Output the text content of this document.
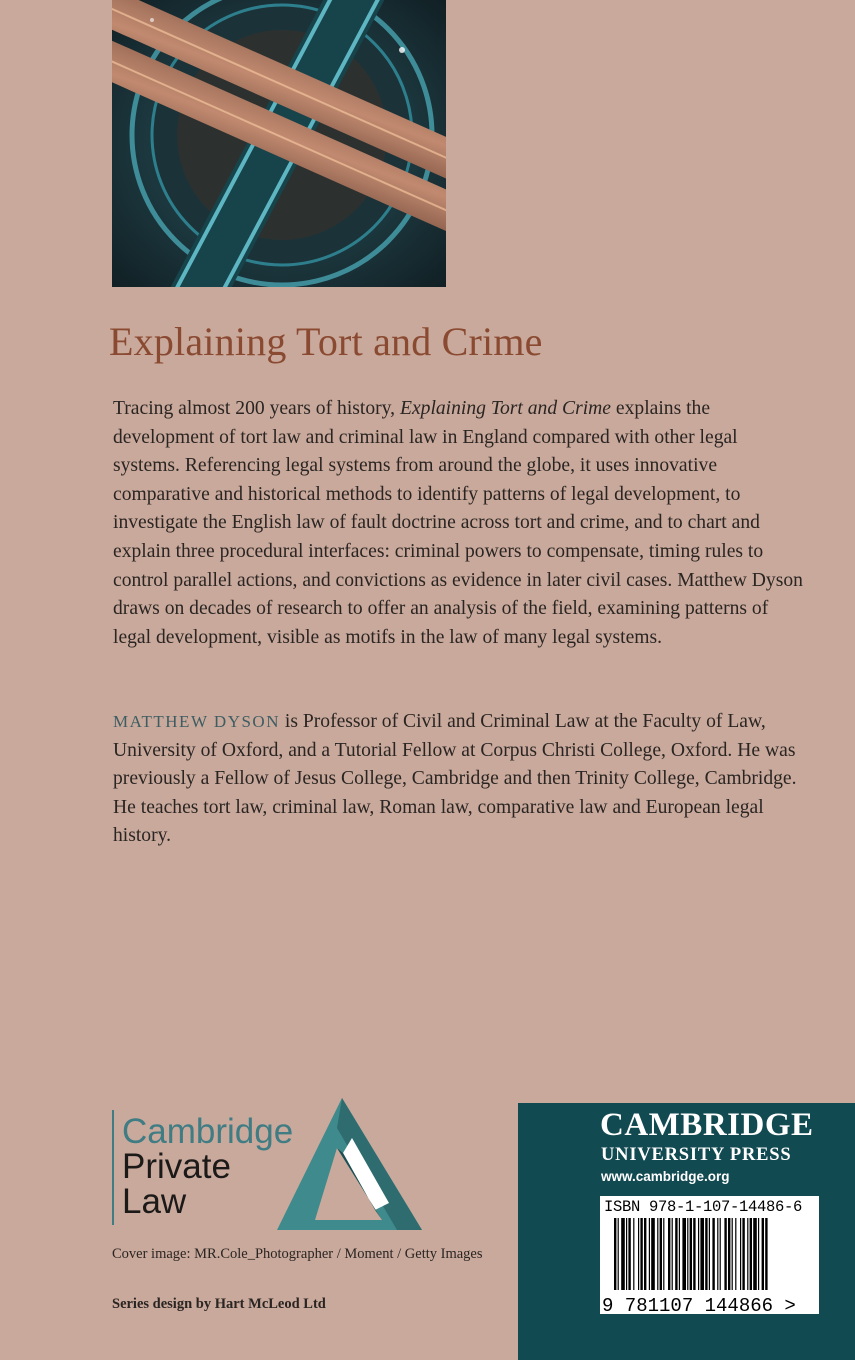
Explaining Tort and Crime

Tracing almost 200 years of history, Explaining Tort and Crime explains the development of tort law and criminal law in England compared with other legal systems. Referencing legal systems from around the globe, it uses innovative comparative and historical methods to identify patterns of legal development, to investigate the English law of fault doctrine across tort and crime, and to chart and explain three procedural interfaces: criminal powers to compensate, timing rules to control parallel actions, and convictions as evidence in later civil cases. Matthew Dyson draws on decades of research to offer an analysis of the field, examining patterns of legal development, visible as motifs in the law of many legal systems.

MATTHEW DYSON is Professor of Civil and Criminal Law at the Faculty of Law, University of Oxford, and a Tutorial Fellow at Corpus Christi College, Oxford. He was previously a Fellow of Jesus College, Cambridge and then Trinity College, Cambridge. He teaches tort law, criminal law, Roman law, comparative law and European legal history.

Cambridge
Private
Law
Cover image: MR.Cole_Photographer / Moment / Getty Images
Series design by Hart McLeod Ltd
CAMBRIDGE
UNIVERSITY PRESS
www.cambridge.org
ISBN 978-1-107-14486-6
9 781107 144866 >
